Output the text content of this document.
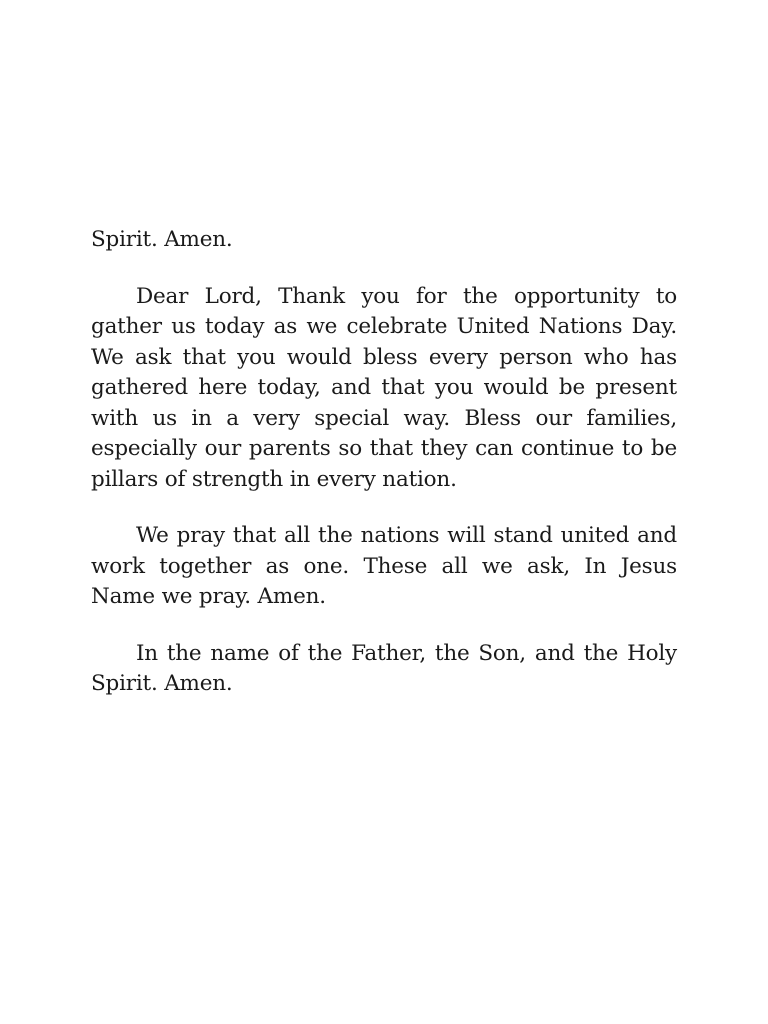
Spirit. Amen.

Dear Lord, Thank you for the opportunity to gather us today as we celebrate United Nations Day. We ask that you would bless every person who has gathered here today, and that you would be present with us in a very special way. Bless our families, especially our parents so that they can continue to be pillars of strength in every nation.

We pray that all the nations will stand united and work together as one. These all we ask, In Jesus Name we pray. Amen.

In the name of the Father, the Son, and the Holy Spirit. Amen.
